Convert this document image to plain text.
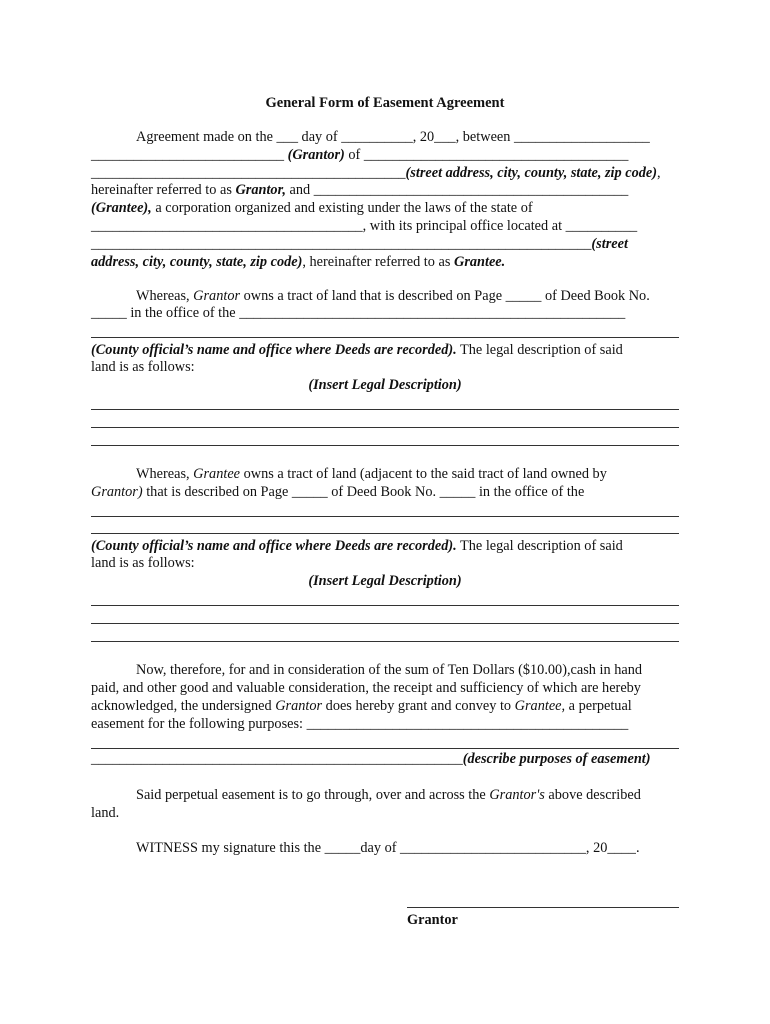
General Form of Easement Agreement
Agreement made on the ___ day of __________, 20___, between ___________________
___________________________ (Grantor) of _____________________________________
____________________________________________(street address, city, county, state, zip code),
hereinafter referred to as Grantor, and ____________________________________________
(Grantee), a corporation organized and existing under the laws of the state of
______________________________________, with its principal office located at __________
______________________________________________________________________(street
address, city, county, state, zip code), hereinafter referred to as Grantee.
Whereas, Grantor owns a tract of land that is described on Page _____ of Deed Book No.
_____ in the office of the ______________________________________________________
(County official’s name and office where Deeds are recorded). The legal description of said
land is as follows:
(Insert Legal Description)
Whereas, Grantee owns a tract of land (adjacent to the said tract of land owned by
Grantor) that is described on Page _____ of Deed Book No. _____ in the office of the
(County official’s name and office where Deeds are recorded). The legal description of said
land is as follows:
(Insert Legal Description)
Now, therefore, for and in consideration of the sum of Ten Dollars ($10.00),cash in hand
paid, and other good and valuable consideration, the receipt and sufficiency of which are hereby
acknowledged, the undersigned Grantor does hereby grant and convey to Grantee, a perpetual
easement for the following purposes: _____________________________________________
____________________________________________________(describe purposes of easement)
Said perpetual easement is to go through, over and across the Grantor's above described
land.
WITNESS my signature this the _____day of __________________________, 20____.
Grantor
